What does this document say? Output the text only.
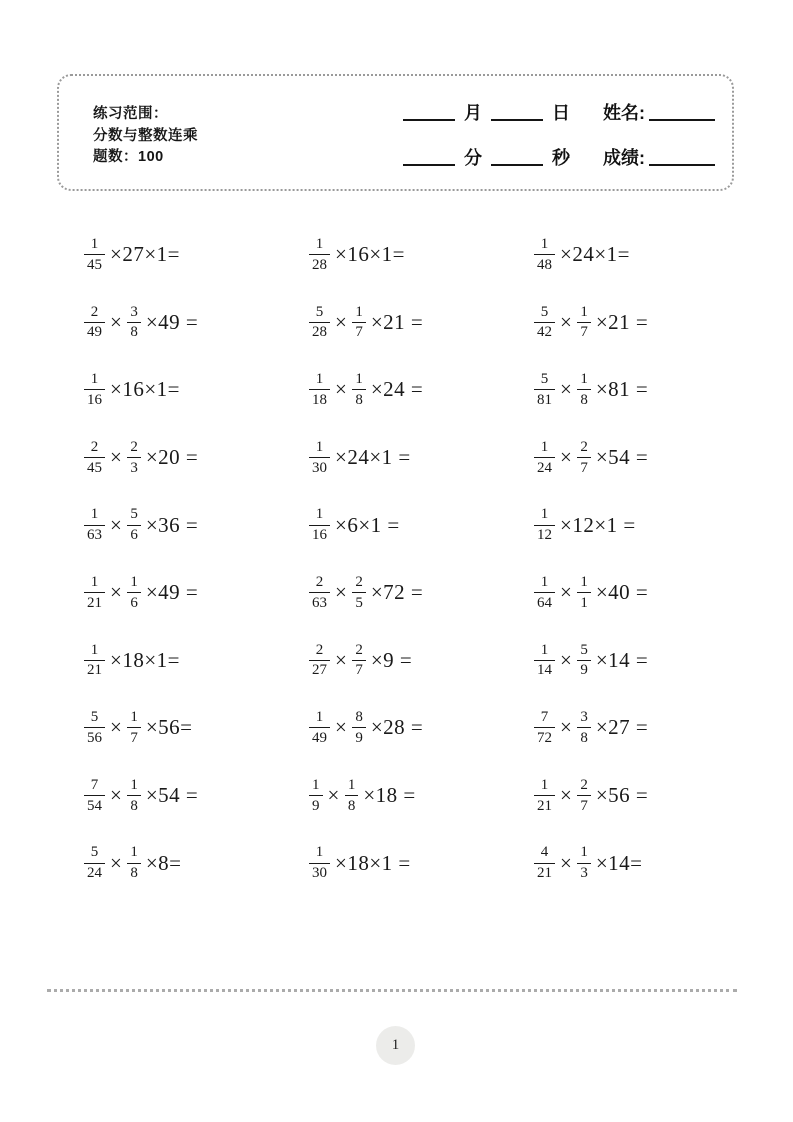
练习范围：
分数与整数连乘
题数：100
月	日 姓名:
分	秒 成绩:
$\frac{1}{45} \times 27\times 1=$	$\frac{1}{28} \times 16\times 1=$	$\frac{1}{48} \times 24\times 1=$
$\frac{2}{49} \times \frac{3}{8} \times 49$ =	$\frac{5}{28} \times \frac{1}{7} \times 21$ =	$\frac{5}{42} \times \frac{1}{7} \times 21$ =
$\frac{1}{16} \times 16\times 1=$	$\frac{1}{18} \times \frac{1}{8} \times 24$ =	$\frac{5}{81} \times \frac{1}{8} \times 81$ =
$\frac{2}{45} \times \frac{2}{3} \times 20$ =	$\frac{1}{30} \times 24\times 1$ =	$\frac{1}{24} \times \frac{2}{7} \times 54$ =
$\frac{1}{63} \times \frac{5}{6} \times 36$ =	$\frac{1}{16} \times 6\times 1$ =	$\frac{1}{12} \times 12\times 1$ =
$\frac{1}{21} \times \frac{1}{6} \times 49$ =	$\frac{2}{63} \times \frac{2}{5} \times 72$ =	$\frac{1}{64} \times \frac{1}{1} \times 40$ =
$\frac{1}{21} \times 18\times 1=$	$\frac{2}{27} \times \frac{2}{7} \times 9$ =	$\frac{1}{14} \times \frac{5}{9} \times 14$ =
$\frac{5}{56} \times \frac{1}{7} \times 56=$	$\frac{1}{49} \times \frac{8}{9} \times 28$ =	$\frac{7}{72} \times \frac{3}{8} \times 27$ =
$\frac{7}{54} \times \frac{1}{8} \times 54$ =	$\frac{1}{9} \times \frac{1}{8} \times 18$ =	$\frac{1}{21} \times \frac{2}{7} \times 56$ =
$\frac{5}{24} \times \frac{1}{8} \times 8=$	$\frac{1}{30} \times 18\times 1$ =	$\frac{4}{21} \times \frac{1}{3} \times 14=$
1
